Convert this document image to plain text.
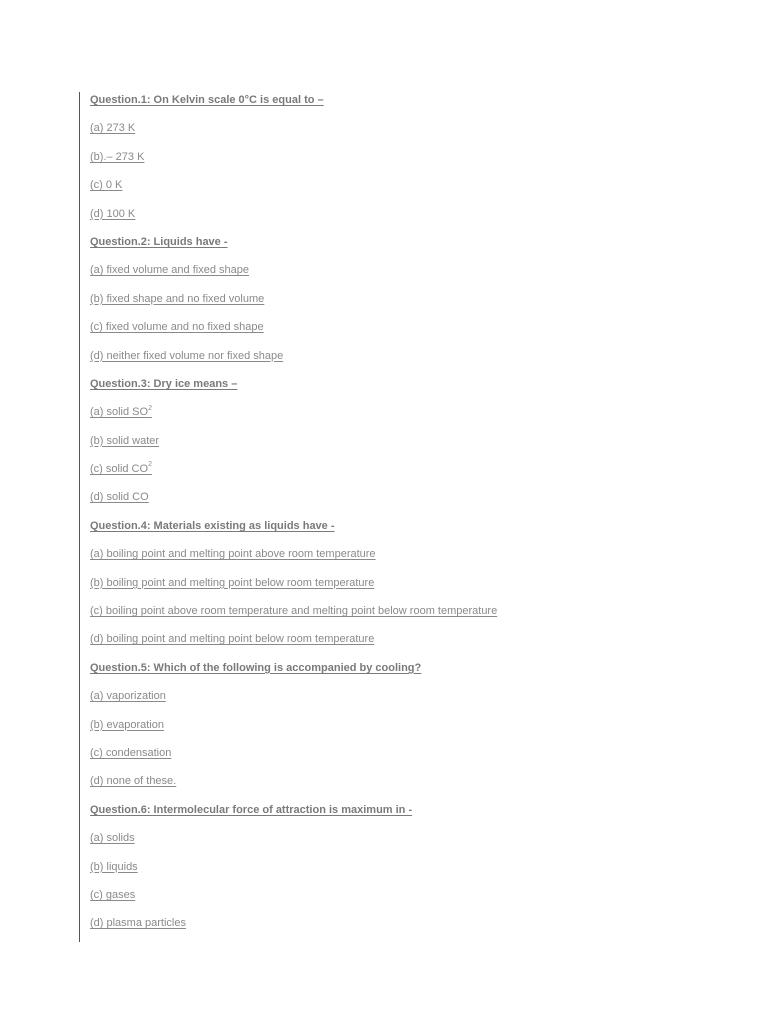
Question.1: On Kelvin scale 0°C is equal to –
(a) 273 K
(b).– 273 K
(c) 0 K
(d) 100 K
Question.2: Liquids have -
(a) fixed volume and fixed shape
(b) fixed shape and no fixed volume
(c) fixed volume and no fixed shape
(d) neither fixed volume nor fixed shape
Question.3: Dry ice means –
(a) solid $SO^2$
(b) solid water
(c) solid $CO^2$
(d) solid CO
Question.4: Materials existing as liquids have -
(a) boiling point and melting point above room temperature
(b) boiling point and melting point below room temperature
(c) boiling point above room temperature and melting point below room temperature
(d) boiling point and melting point below room temperature
Question.5: Which of the following is accompanied by cooling?
(a) vaporization
(b) evaporation
(c) condensation
(d) none of these.
Question.6: Intermolecular force of attraction is maximum in -
(a) solids
(b) liquids
(c) gases
(d) plasma particles
